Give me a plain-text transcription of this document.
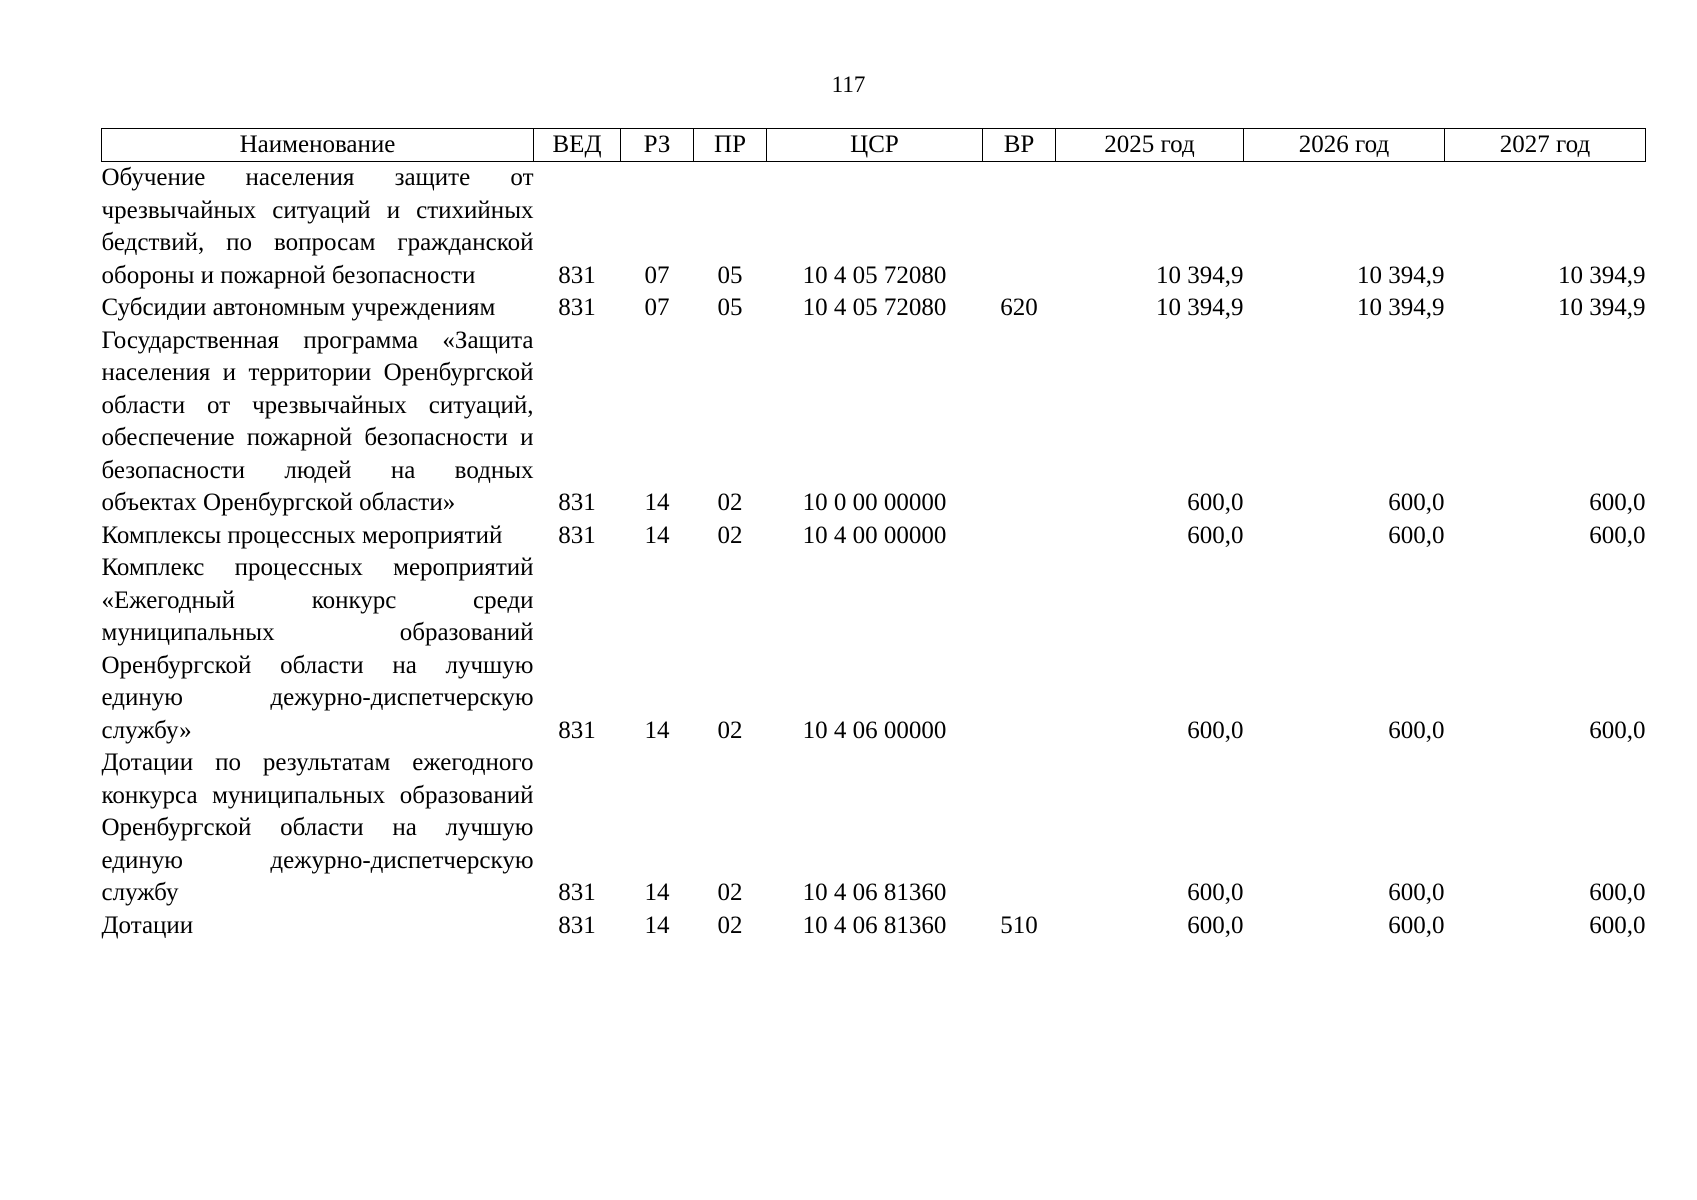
117
Наименование	ВЕД	РЗ	ПР	ЦСР	ВР	2025 год	2026 год	2027 год
Обучение населения защите от чрезвычайных ситуаций и стихийных бедствий, по вопросам гражданской обороны и пожарной безопасности	831	07	05	10 4 05 72080		10 394,9	10 394,9	10 394,9
Субсидии автономным учреждениям	831	07	05	10 4 05 72080	620	10 394,9	10 394,9	10 394,9
Государственная программа «Защита населения и территории Оренбургской области от чрезвычайных ситуаций, обеспечение пожарной безопасности и безопасности людей на водных объектах Оренбургской области»	831	14	02	10 0 00 00000		600,0	600,0	600,0
Комплексы процессных мероприятий	831	14	02	10 4 00 00000		600,0	600,0	600,0
Комплекс процессных мероприятий «Ежегодный конкурс среди муниципальных образований Оренбургской области на лучшую единую дежурно-диспетчерскую службу»	831	14	02	10 4 06 00000		600,0	600,0	600,0
Дотации по результатам ежегодного конкурса муниципальных образований Оренбургской области на лучшую единую дежурно-диспетчерскую службу	831	14	02	10 4 06 81360		600,0	600,0	600,0
Дотации	831	14	02	10 4 06 81360	510	600,0	600,0	600,0
